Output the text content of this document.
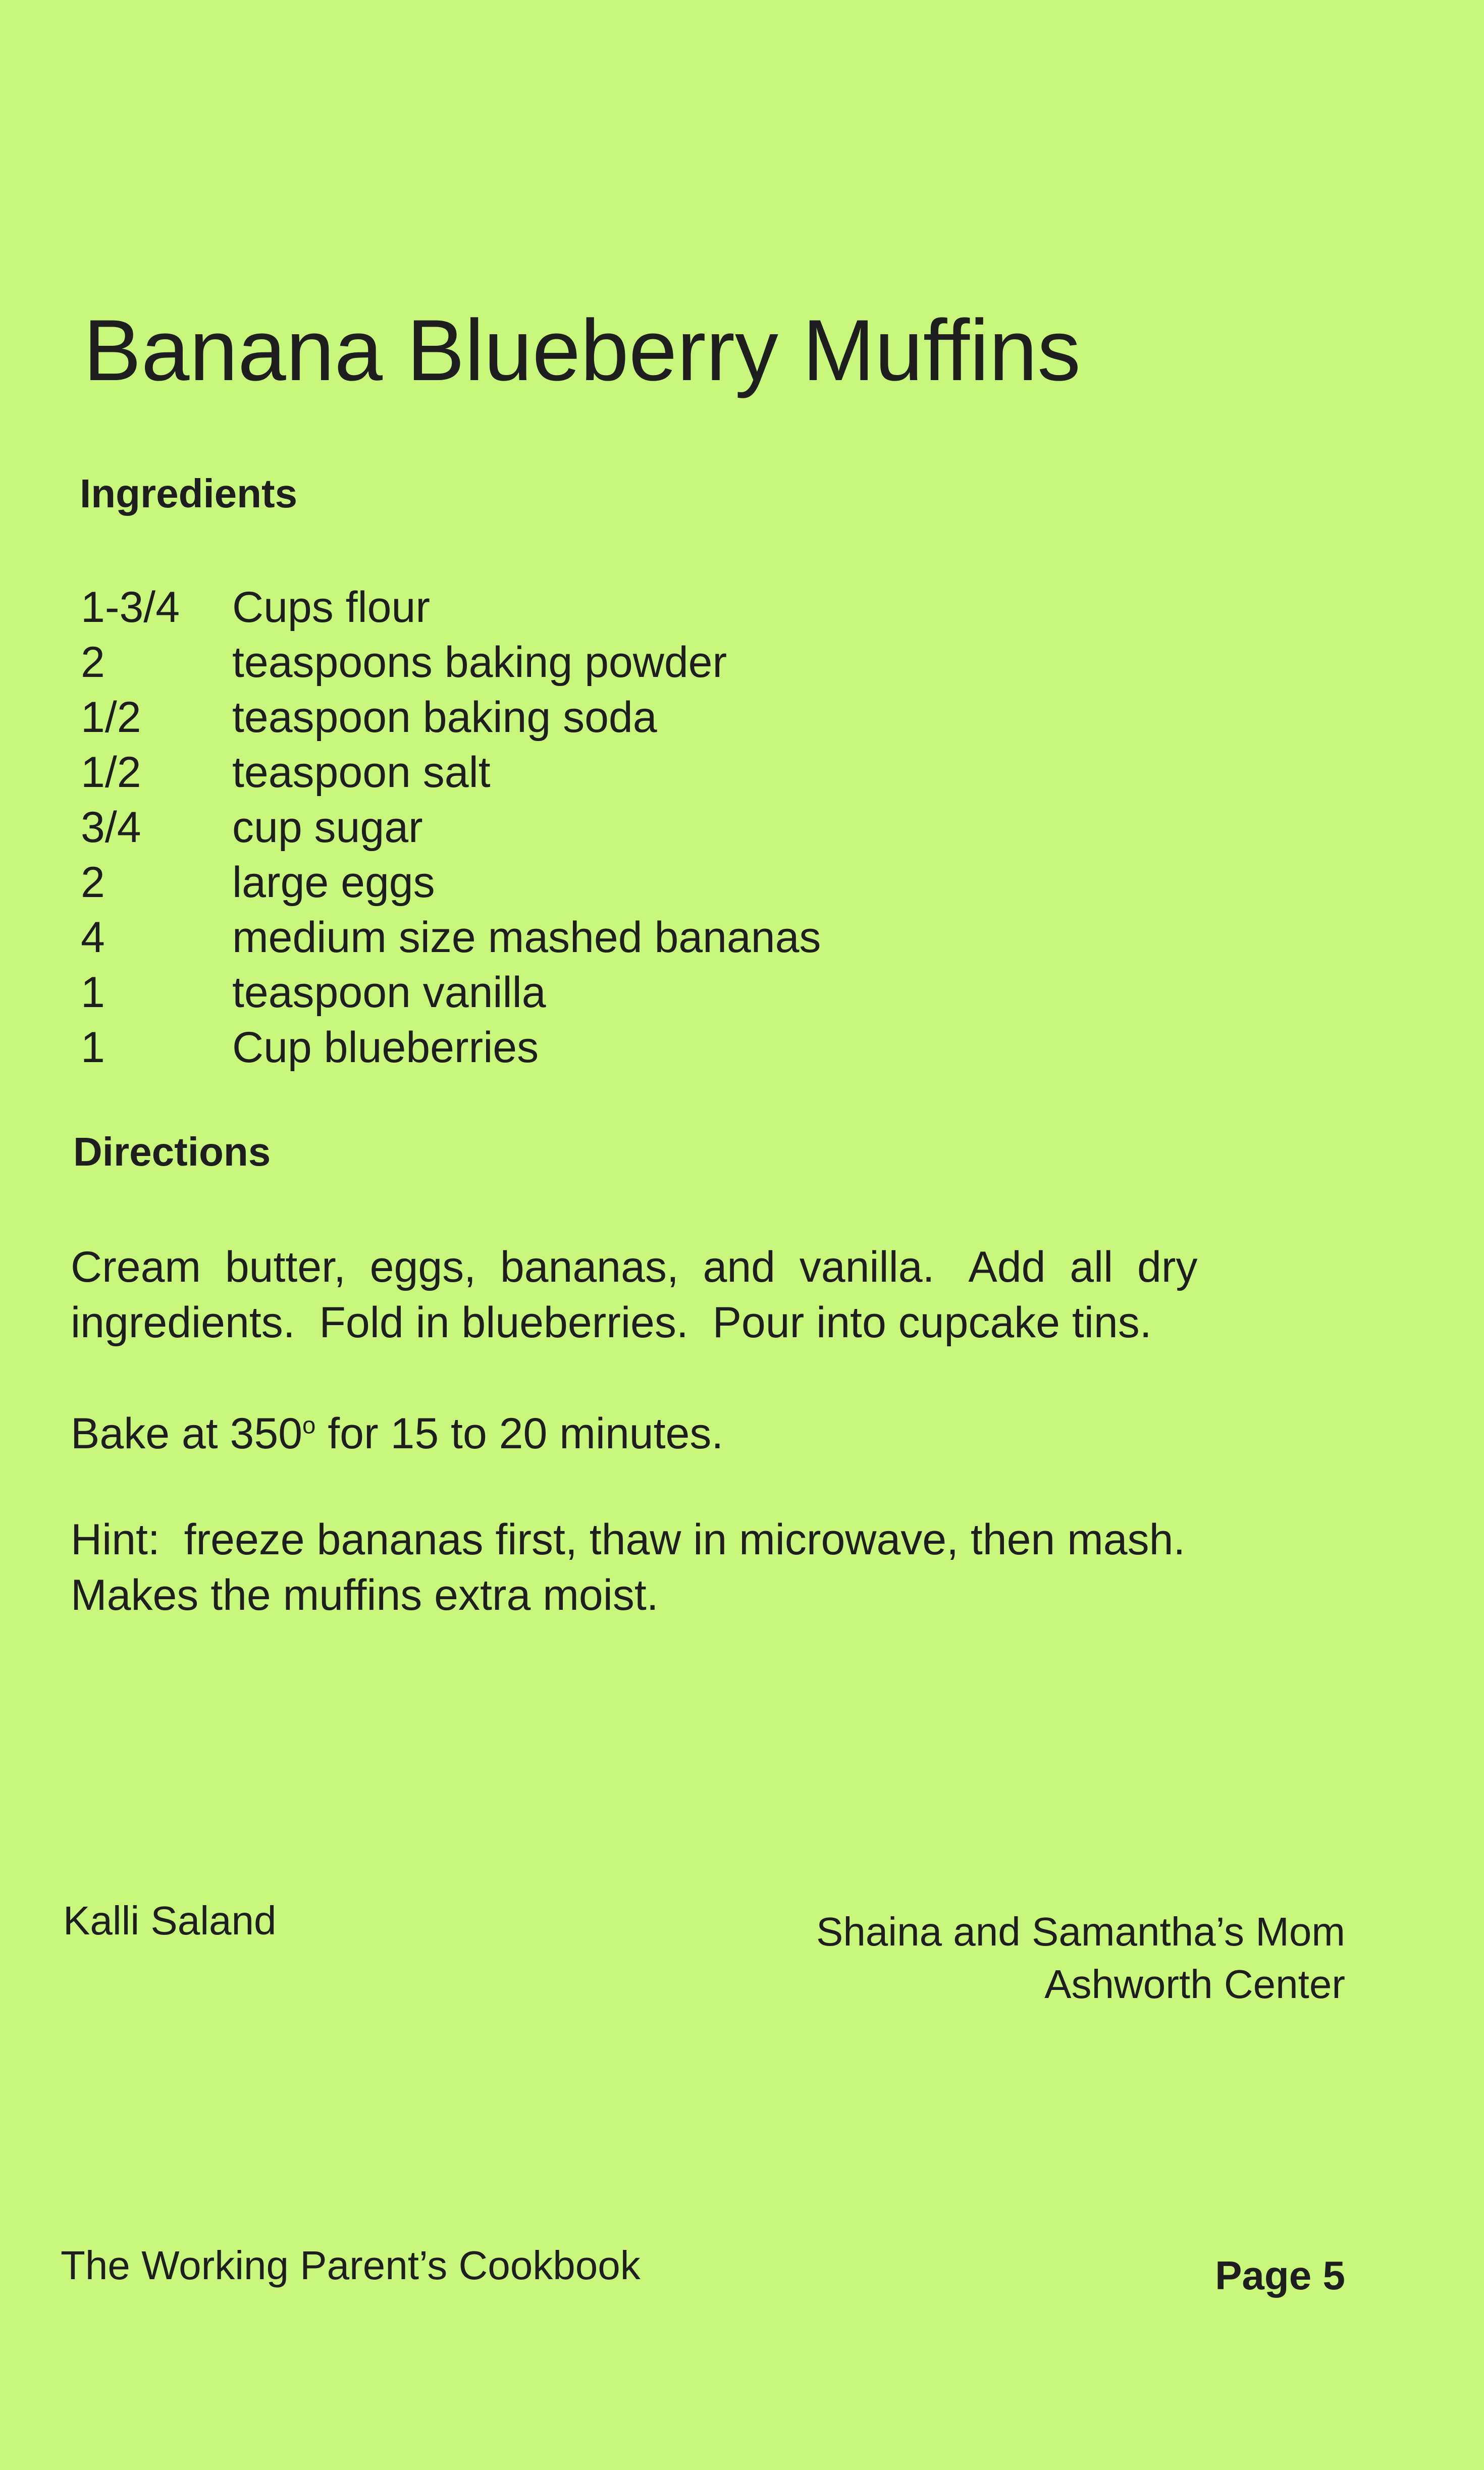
Banana Blueberry Muffins
Ingredients
1-3/4	Cups flour
2	teaspoons baking powder
1/2	teaspoon baking soda
1/2	teaspoon salt
3/4	cup sugar
2	large eggs
4	medium size mashed bananas
1	teaspoon vanilla
1	Cup blueberries
Directions

Cream  butter,  eggs,  bananas,  and  vanilla.   Add  all  dry

ingredients.  Fold in blueberries.  Pour into cupcake tins.

Bake at 350$^o$ for 15 to 20 minutes.

Hint:  freeze bananas first, thaw in microwave, then mash.

Makes the muffins extra moist.

Kalli Saland	Shaina and Samantha’s Mom
Ashworth Center
The Working Parent’s Cookbook	Page 5
